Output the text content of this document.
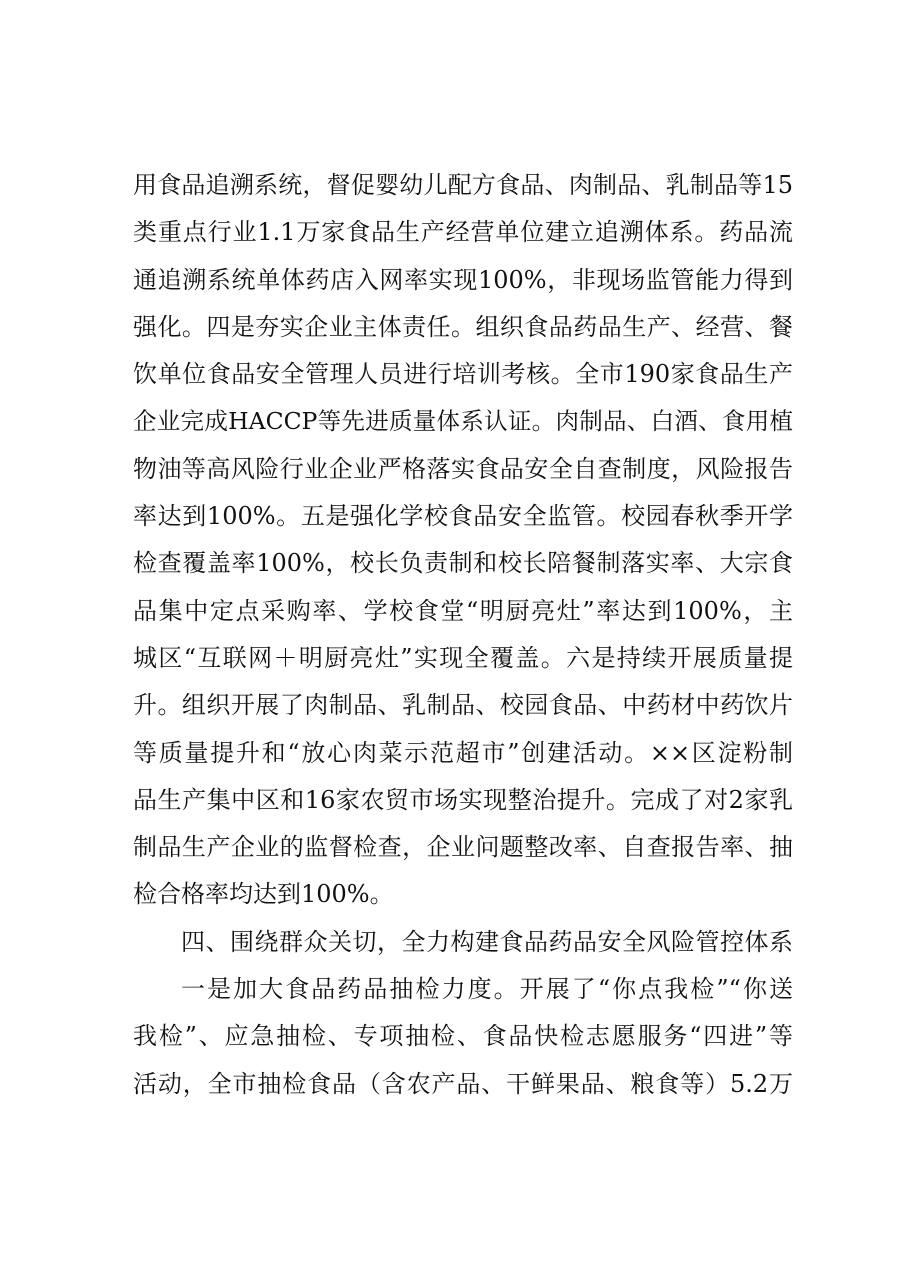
用食品追溯系统，督促婴幼儿配方食品、肉制品、乳制品等15
类重点行业1.1万家食品生产经营单位建立追溯体系。药品流
通追溯系统单体药店入网率实现100%，非现场监管能力得到
强化。四是夯实企业主体责任。组织食品药品生产、经营、餐
饮单位食品安全管理人员进行培训考核。全市190家食品生产
企业完成HACCP等先进质量体系认证。肉制品、白酒、食用植
物油等高风险行业企业严格落实食品安全自查制度，风险报告
率达到100%。五是强化学校食品安全监管。校园春秋季开学
检查覆盖率100%，校长负责制和校长陪餐制落实率、大宗食
品集中定点采购率、学校食堂“明厨亮灶”率达到100%，主
城区“互联网＋明厨亮灶”实现全覆盖。六是持续开展质量提
升。组织开展了肉制品、乳制品、校园食品、中药材中药饮片
等质量提升和“放心肉菜示范超市”创建活动。××区淀粉制
品生产集中区和16家农贸市场实现整治提升。完成了对2家乳
制品生产企业的监督检查，企业问题整改率、自查报告率、抽
检合格率均达到100%。
四、围绕群众关切，全力构建食品药品安全风险管控体系
一是加大食品药品抽检力度。开展了“你点我检”“你送
我检”、应急抽检、专项抽检、食品快检志愿服务“四进”等
活动，全市抽检食品（含农产品、干鲜果品、粮食等）5.2万
